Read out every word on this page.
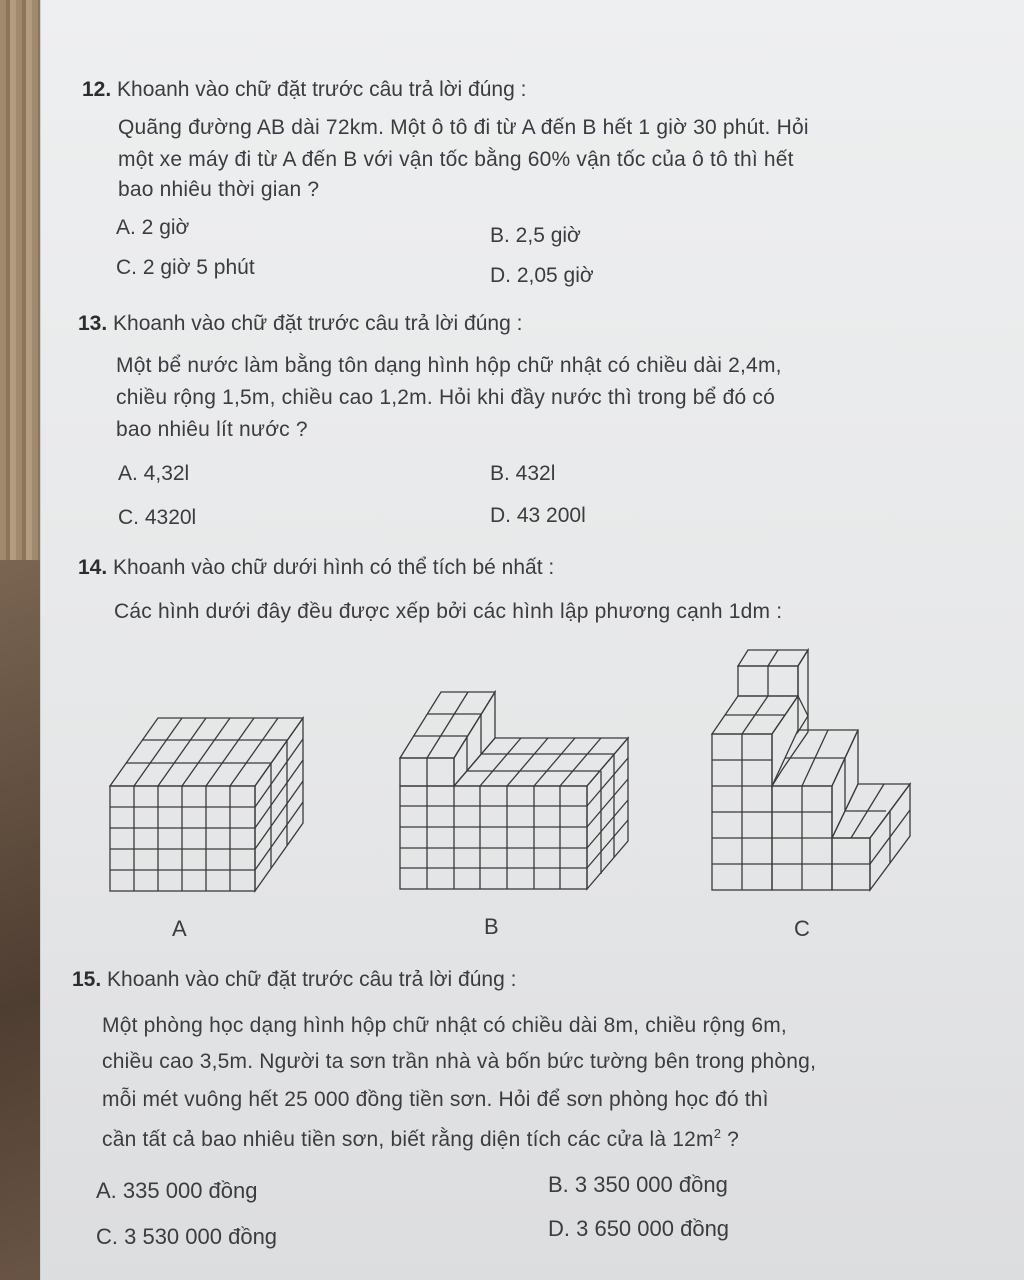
12. Khoanh vào chữ đặt trước câu trả lời đúng :
Quãng đường AB dài 72km. Một ô tô đi từ A đến B hết 1 giờ 30 phút. Hỏi
một xe máy đi từ A đến B với vận tốc bằng 60% vận tốc của ô tô thì hết
bao nhiêu thời gian ?
A. 2 giờ	B. 2,5 giờ
C. 2 giờ 5 phút	D. 2,05 giờ
13. Khoanh vào chữ đặt trước câu trả lời đúng :
Một bể nước làm bằng tôn dạng hình hộp chữ nhật có chiều dài 2,4m,
chiều rộng 1,5m, chiều cao 1,2m. Hỏi khi đầy nước thì trong bể đó có
bao nhiêu lít nước ?
A. 4,32l	B. 432l
C. 4320l	D. 43 200l
14. Khoanh vào chữ dưới hình có thể tích bé nhất :
Các hình dưới đây đều được xếp bởi các hình lập phương cạnh 1dm :
A	B	C
15. Khoanh vào chữ đặt trước câu trả lời đúng :
Một phòng học dạng hình hộp chữ nhật có chiều dài 8m, chiều rộng 6m,
chiều cao 3,5m. Người ta sơn trần nhà và bốn bức tường bên trong phòng,
mỗi mét vuông hết 25 000 đồng tiền sơn. Hỏi để sơn phòng học đó thì
cần tất cả bao nhiêu tiền sơn, biết rằng diện tích các cửa là $12m^2$ ?
A. 335 000 đồng	B. 3 350 000 đồng
C. 3 530 000 đồng	D. 3 650 000 đồng
